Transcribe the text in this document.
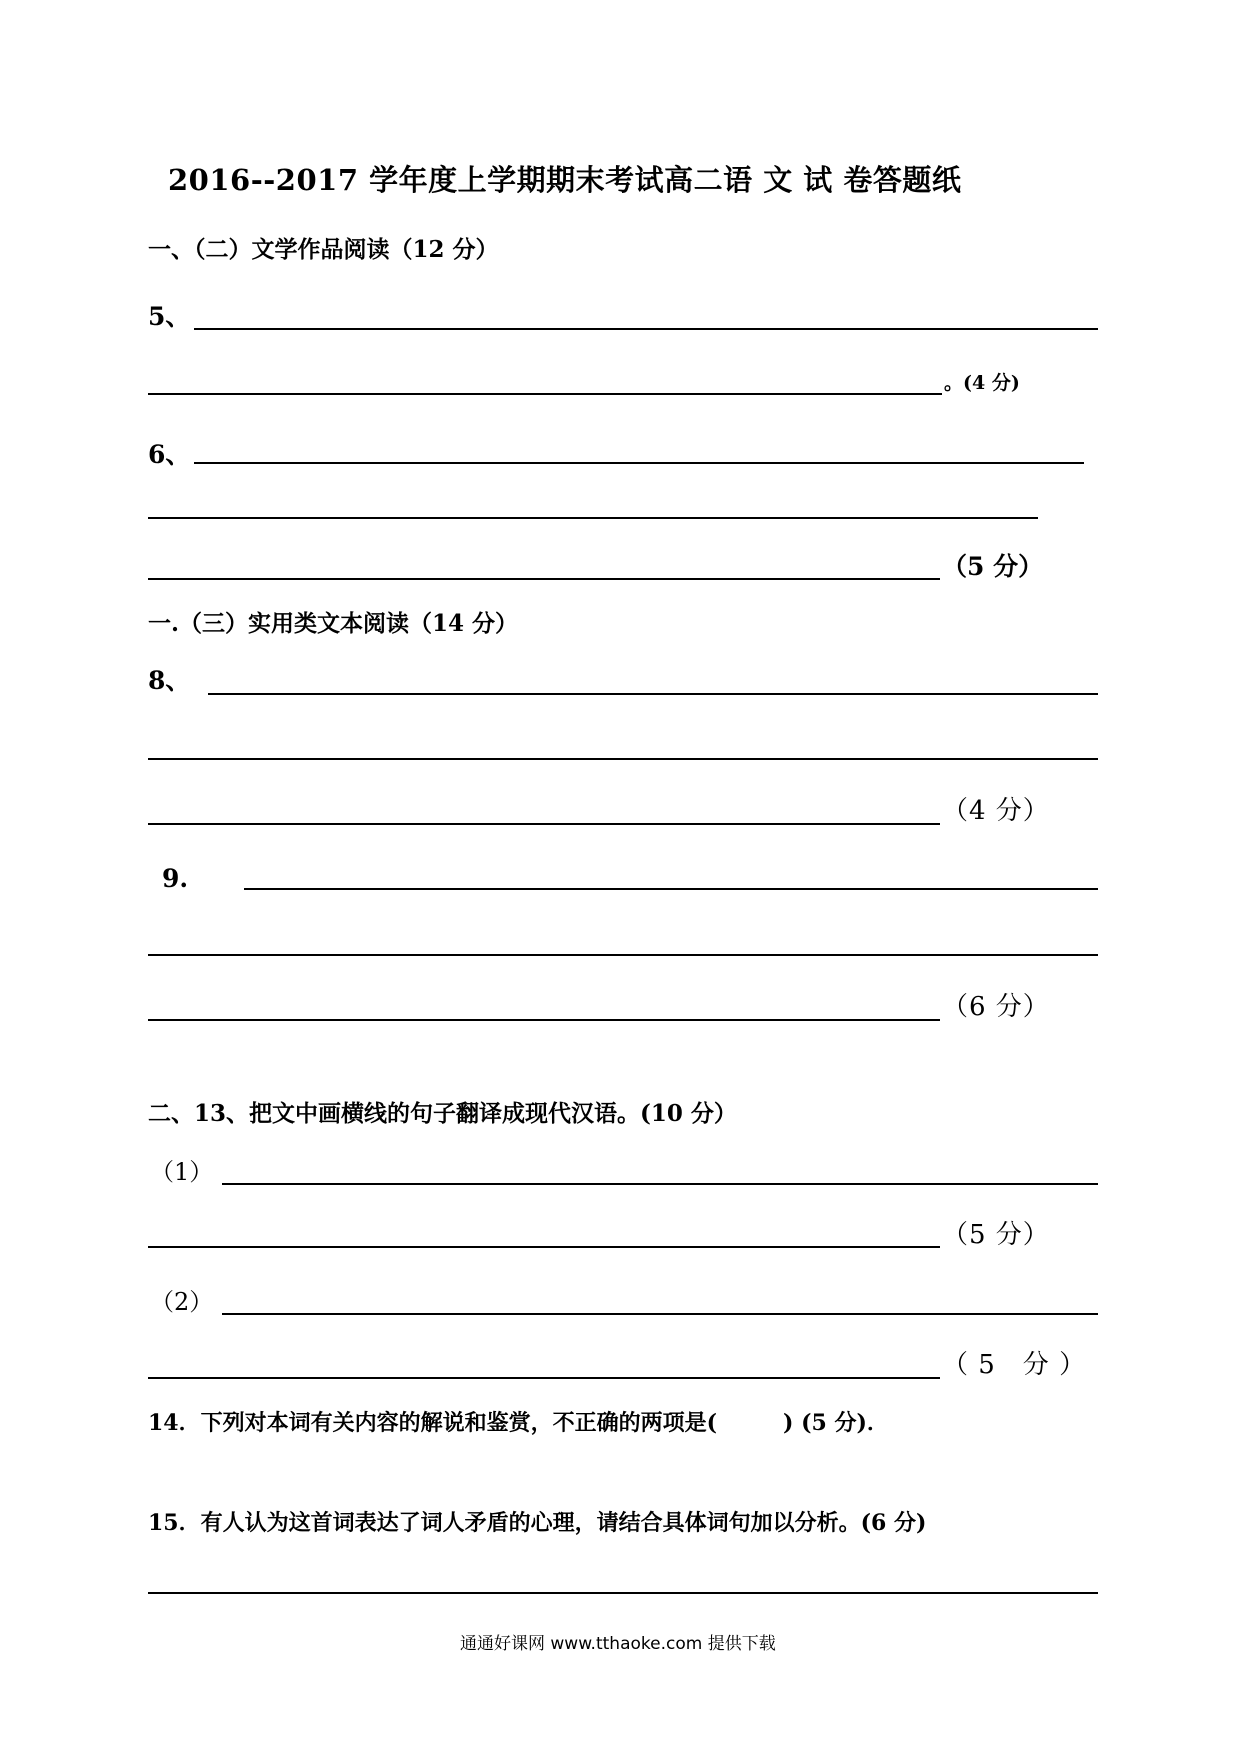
2016--2017 学年度上学期期末考试高二语 文 试 卷答题纸
一、（二）文学作品阅读（12 分）
5、
。(4 分)
6、
（5 分）
一.（三）实用类文本阅读（14 分）
8、
（4 分）
9.
（6 分）
二、13、把文中画横线的句子翻译成现代汉语。(10 分）
（1）
（5 分）
（2）
（ 5　分 ）
14．下列对本词有关内容的解说和鉴赏，不正确的两项是(　　　) (5 分)．
15．有人认为这首词表达了词人矛盾的心理，请结合具体词句加以分析。(6 分)
通通好课网 www.tthaoke.com 提供下载
